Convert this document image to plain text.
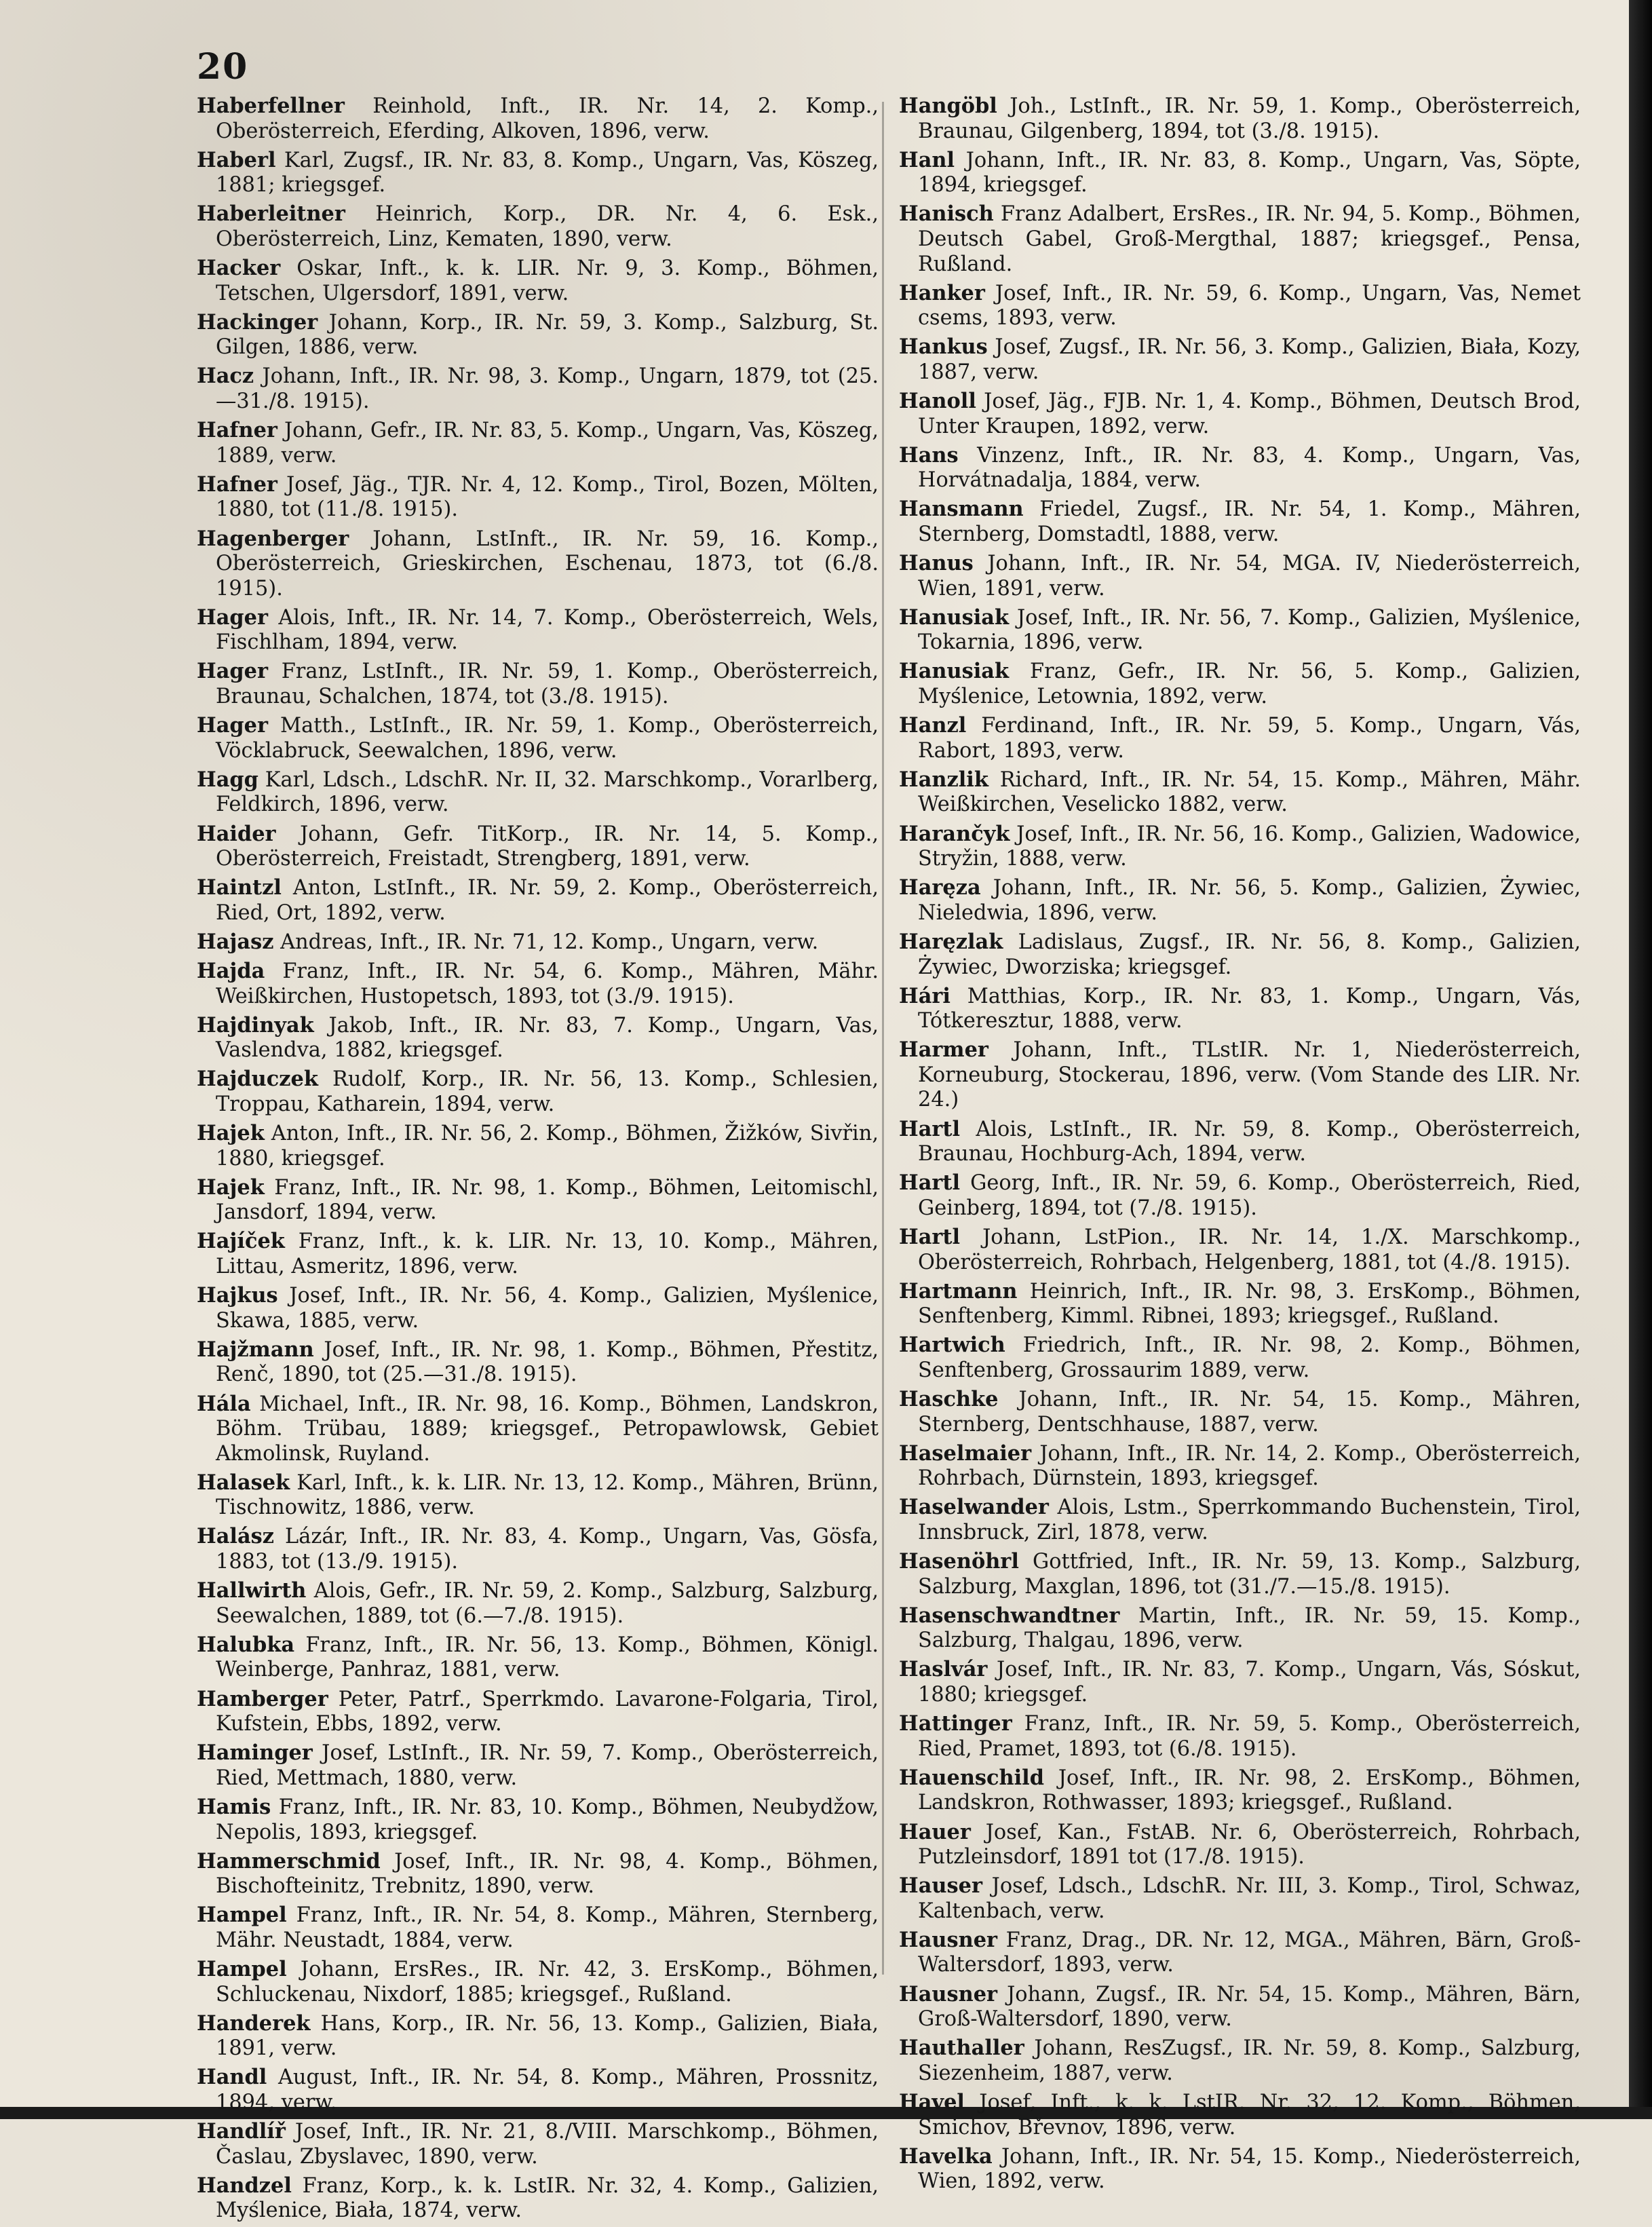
20

Haberfellner Reinhold, Inft., IR. Nr. 14, 2. Komp., Oberösterreich, Eferding, Alkoven, 1896, verw.

Haberl Karl, Zugsf., IR. Nr. 83, 8. Komp., Ungarn, Vas, Köszeg, 1881; kriegsgef.

Haberleitner Heinrich, Korp., DR. Nr. 4, 6. Esk., Oberösterreich, Linz, Kematen, 1890, verw.

Hacker Oskar, Inft., k. k. LIR. Nr. 9, 3. Komp., Böhmen, Tetschen, Ulgersdorf, 1891, verw.

Hackinger Johann, Korp., IR. Nr. 59, 3. Komp., Salzburg, St. Gilgen, 1886, verw.

Hacz Johann, Inft., IR. Nr. 98, 3. Komp., Ungarn, 1879, tot (25.—31./8. 1915).

Hafner Johann, Gefr., IR. Nr. 83, 5. Komp., Ungarn, Vas, Köszeg, 1889, verw.

Hafner Josef, Jäg., TJR. Nr. 4, 12. Komp., Tirol, Bozen, Mölten, 1880, tot (11./8. 1915).

Hagenberger Johann, LstInft., IR. Nr. 59, 16. Komp., Oberösterreich, Grieskirchen, Eschenau, 1873, tot (6./8. 1915).

Hager Alois, Inft., IR. Nr. 14, 7. Komp., Oberösterreich, Wels, Fischlham, 1894, verw.

Hager Franz, LstInft., IR. Nr. 59, 1. Komp., Oberösterreich, Braunau, Schalchen, 1874, tot (3./8. 1915).

Hager Matth., LstInft., IR. Nr. 59, 1. Komp., Oberösterreich, Vöcklabruck, Seewalchen, 1896, verw.

Hagg Karl, Ldsch., LdschR. Nr. II, 32. Marschkomp., Vorarlberg, Feldkirch, 1896, verw.

Haider Johann, Gefr. TitKorp., IR. Nr. 14, 5. Komp., Oberösterreich, Freistadt, Strengberg, 1891, verw.

Haintzl Anton, LstInft., IR. Nr. 59, 2. Komp., Oberösterreich, Ried, Ort, 1892, verw.

Hajasz Andreas, Inft., IR. Nr. 71, 12. Komp., Ungarn, verw.

Hajda Franz, Inft., IR. Nr. 54, 6. Komp., Mähren, Mähr. Weißkirchen, Hustopetsch, 1893, tot (3./9. 1915).

Hajdinyak Jakob, Inft., IR. Nr. 83, 7. Komp., Ungarn, Vas, Vaslendva, 1882, kriegsgef.

Hajduczek Rudolf, Korp., IR. Nr. 56, 13. Komp., Schlesien, Troppau, Katharein, 1894, verw.

Hajek Anton, Inft., IR. Nr. 56, 2. Komp., Böhmen, Žižków, Sivřin, 1880, kriegsgef.

Hajek Franz, Inft., IR. Nr. 98, 1. Komp., Böhmen, Leitomischl, Jansdorf, 1894, verw.

Hajíček Franz, Inft., k. k. LIR. Nr. 13, 10. Komp., Mähren, Littau, Asmeritz, 1896, verw.

Hajkus Josef, Inft., IR. Nr. 56, 4. Komp., Galizien, Myślenice, Skawa, 1885, verw.

Hajžmann Josef, Inft., IR. Nr. 98, 1. Komp., Böhmen, Přestitz, Renč, 1890, tot (25.—31./8. 1915).

Hála Michael, Inft., IR. Nr. 98, 16. Komp., Böhmen, Landskron, Böhm. Trübau, 1889; kriegsgef., Petropawlowsk, Gebiet Akmolinsk, Ruyland.

Halasek Karl, Inft., k. k. LIR. Nr. 13, 12. Komp., Mähren, Brünn, Tischnowitz, 1886, verw.

Halász Lázár, Inft., IR. Nr. 83, 4. Komp., Ungarn, Vas, Gösfa, 1883, tot (13./9. 1915).

Hallwirth Alois, Gefr., IR. Nr. 59, 2. Komp., Salzburg, Salzburg, Seewalchen, 1889, tot (6.—7./8. 1915).

Halubka Franz, Inft., IR. Nr. 56, 13. Komp., Böhmen, Königl. Weinberge, Panhraz, 1881, verw.

Hamberger Peter, Patrf., Sperrkmdo. Lavarone-Folgaria, Tirol, Kufstein, Ebbs, 1892, verw.

Haminger Josef, LstInft., IR. Nr. 59, 7. Komp., Oberösterreich, Ried, Mettmach, 1880, verw.

Hamis Franz, Inft., IR. Nr. 83, 10. Komp., Böhmen, Neubydžow, Nepolis, 1893, kriegsgef.

Hammerschmid Josef, Inft., IR. Nr. 98, 4. Komp., Böhmen, Bischofteinitz, Trebnitz, 1890, verw.

Hampel Franz, Inft., IR. Nr. 54, 8. Komp., Mähren, Sternberg, Mähr. Neustadt, 1884, verw.

Hampel Johann, ErsRes., IR. Nr. 42, 3. ErsKomp., Böhmen, Schluckenau, Nixdorf, 1885; kriegsgef., Rußland.

Handerek Hans, Korp., IR. Nr. 56, 13. Komp., Galizien, Biała, 1891, verw.

Handl August, Inft., IR. Nr. 54, 8. Komp., Mähren, Prossnitz, 1894, verw.

Handlíř Josef, Inft., IR. Nr. 21, 8./VIII. Marschkomp., Böhmen, Časlau, Zbyslavec, 1890, verw.

Handzel Franz, Korp., k. k. LstIR. Nr. 32, 4. Komp., Galizien, Myślenice, Biała, 1874, verw.

Hangöbl Joh., LstInft., IR. Nr. 59, 1. Komp., Oberösterreich, Braunau, Gilgenberg, 1894, tot (3./8. 1915).

Hanl Johann, Inft., IR. Nr. 83, 8. Komp., Ungarn, Vas, Söpte, 1894, kriegsgef.

Hanisch Franz Adalbert, ErsRes., IR. Nr. 94, 5. Komp., Böhmen, Deutsch Gabel, Groß-Mergthal, 1887; kriegsgef., Pensa, Rußland.

Hanker Josef, Inft., IR. Nr. 59, 6. Komp., Ungarn, Vas, Nemet csems, 1893, verw.

Hankus Josef, Zugsf., IR. Nr. 56, 3. Komp., Galizien, Biała, Kozy, 1887, verw.

Hanoll Josef, Jäg., FJB. Nr. 1, 4. Komp., Böhmen, Deutsch Brod, Unter Kraupen, 1892, verw.

Hans Vinzenz, Inft., IR. Nr. 83, 4. Komp., Ungarn, Vas, Horvátnadalja, 1884, verw.

Hansmann Friedel, Zugsf., IR. Nr. 54, 1. Komp., Mähren, Sternberg, Domstadtl, 1888, verw.

Hanus Johann, Inft., IR. Nr. 54, MGA. IV, Niederösterreich, Wien, 1891, verw.

Hanusiak Josef, Inft., IR. Nr. 56, 7. Komp., Galizien, Myślenice, Tokarnia, 1896, verw.

Hanusiak Franz, Gefr., IR. Nr. 56, 5. Komp., Galizien, Myślenice, Letownia, 1892, verw.

Hanzl Ferdinand, Inft., IR. Nr. 59, 5. Komp., Ungarn, Vás, Rabort, 1893, verw.

Hanzlik Richard, Inft., IR. Nr. 54, 15. Komp., Mähren, Mähr. Weißkirchen, Veselicko 1882, verw.

Harančyk Josef, Inft., IR. Nr. 56, 16. Komp., Galizien, Wadowice, Stryžin, 1888, verw.

Haręza Johann, Inft., IR. Nr. 56, 5. Komp., Galizien, Żywiec, Nieledwia, 1896, verw.

Haręzlak Ladislaus, Zugsf., IR. Nr. 56, 8. Komp., Galizien, Żywiec, Dworziska; kriegsgef.

Hári Matthias, Korp., IR. Nr. 83, 1. Komp., Ungarn, Vás, Tótkeresztur, 1888, verw.

Harmer Johann, Inft., TLstIR. Nr. 1, Niederösterreich, Korneuburg, Stockerau, 1896, verw. (Vom Stande des LIR. Nr. 24.)

Hartl Alois, LstInft., IR. Nr. 59, 8. Komp., Oberösterreich, Braunau, Hochburg-Ach, 1894, verw.

Hartl Georg, Inft., IR. Nr. 59, 6. Komp., Oberösterreich, Ried, Geinberg, 1894, tot (7./8. 1915).

Hartl Johann, LstPion., IR. Nr. 14, 1./X. Marschkomp., Oberösterreich, Rohrbach, Helgenberg, 1881, tot (4./8. 1915).

Hartmann Heinrich, Inft., IR. Nr. 98, 3. ErsKomp., Böhmen, Senftenberg, Kimml. Ribnei, 1893; kriegsgef., Rußland.

Hartwich Friedrich, Inft., IR. Nr. 98, 2. Komp., Böhmen, Senftenberg, Grossaurim 1889, verw.

Haschke Johann, Inft., IR. Nr. 54, 15. Komp., Mähren, Sternberg, Dentschhause, 1887, verw.

Haselmaier Johann, Inft., IR. Nr. 14, 2. Komp., Oberösterreich, Rohrbach, Dürnstein, 1893, kriegsgef.

Haselwander Alois, Lstm., Sperrkommando Buchenstein, Tirol, Innsbruck, Zirl, 1878, verw.

Hasenöhrl Gottfried, Inft., IR. Nr. 59, 13. Komp., Salzburg, Salzburg, Maxglan, 1896, tot (31./7.—15./8. 1915).

Hasenschwandtner Martin, Inft., IR. Nr. 59, 15. Komp., Salzburg, Thalgau, 1896, verw.

Haslvár Josef, Inft., IR. Nr. 83, 7. Komp., Ungarn, Vás, Sóskut, 1880; kriegsgef.

Hattinger Franz, Inft., IR. Nr. 59, 5. Komp., Oberösterreich, Ried, Pramet, 1893, tot (6./8. 1915).

Hauenschild Josef, Inft., IR. Nr. 98, 2. ErsKomp., Böhmen, Landskron, Rothwasser, 1893; kriegsgef., Rußland.

Hauer Josef, Kan., FstAB. Nr. 6, Oberösterreich, Rohrbach, Putzleinsdorf, 1891 tot (17./8. 1915).

Hauser Josef, Ldsch., LdschR. Nr. III, 3. Komp., Tirol, Schwaz, Kaltenbach, verw.

Hausner Franz, Drag., DR. Nr. 12, MGA., Mähren, Bärn, Groß-Waltersdorf, 1893, verw.

Hausner Johann, Zugsf., IR. Nr. 54, 15. Komp., Mähren, Bärn, Groß-Waltersdorf, 1890, verw.

Hauthaller Johann, ResZugsf., IR. Nr. 59, 8. Komp., Salzburg, Siezenheim, 1887, verw.

Havel Josef, Inft., k. k. LstIR. Nr. 32, 12. Komp., Böhmen, Smichov, Břevnov, 1896, verw.

Havelka Johann, Inft., IR. Nr. 54, 15. Komp., Niederösterreich, Wien, 1892, verw.
